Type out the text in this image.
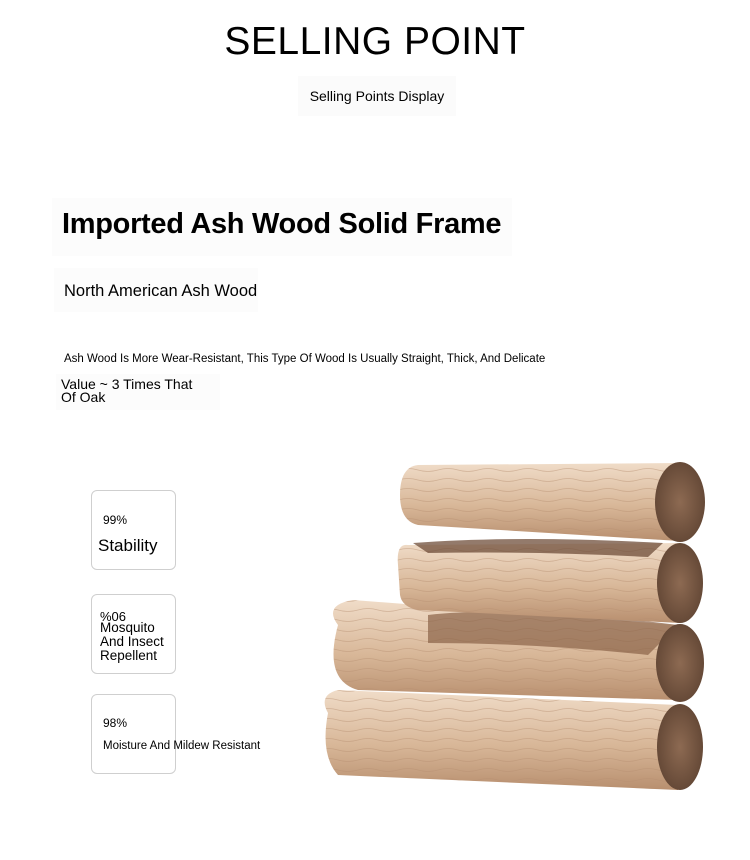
SELLING POINT
Selling Points Display
Imported Ash Wood Solid Frame
North American Ash Wood
Ash Wood Is More Wear-Resistant, This Type Of Wood Is Usually Straight, Thick, And Delicate
Value ~ 3 Times That
Of Oak
99%
Stability
%06
Mosquito
And Insect
Repellent
98%
Moisture And Mildew Resistant
